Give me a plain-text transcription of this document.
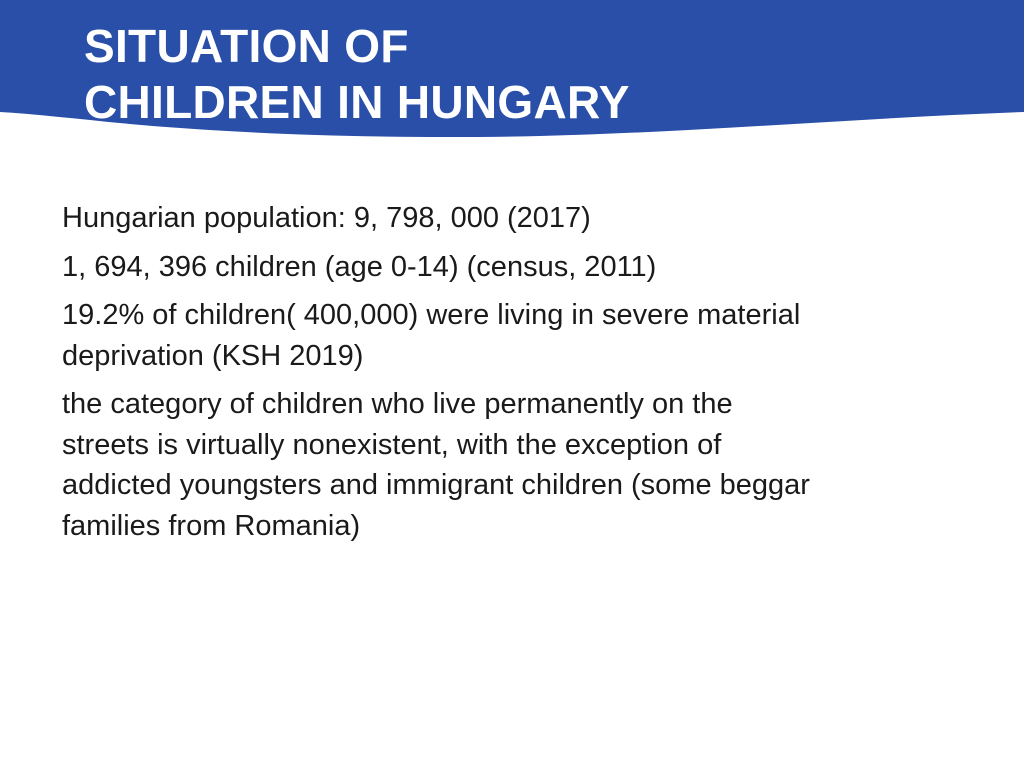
SITUATION OF
CHILDREN IN HUNGARY
Hungarian population: 9, 798, 000 (2017)
1, 694, 396 children (age 0-14) (census, 2011)
19.2% of children( 400,000) were living in severe material deprivation (KSH 2019)
the category of children who live permanently on the streets is virtually nonexistent, with the exception of addicted youngsters and immigrant children (some beggar families from Romania)
